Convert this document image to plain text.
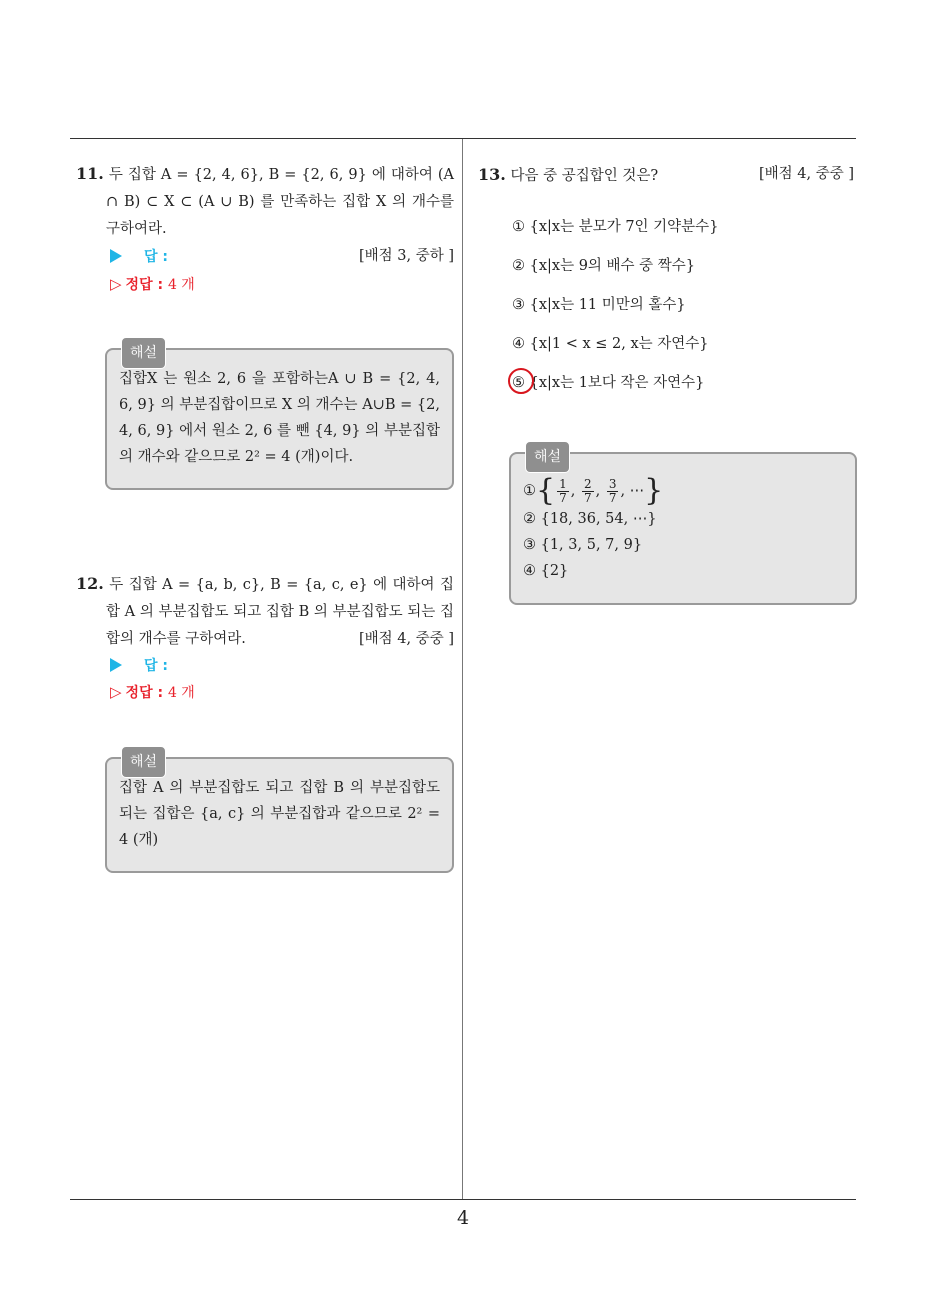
4
11. 두 집합 A = {2, 4, 6}, B = {2, 6, 9} 에 대하여 (A ∩ B) ⊂ X ⊂ (A ∪ B) 를 만족하는 집합 X 의 개수를 구하여라.
[배점 3, 중하 ]
답 :
▷ 정답 : 4 개
해설
집합X 는 원소 2, 6 을 포함하는A ∪ B = {2, 4, 6, 9} 의 부분집합이므로 X 의 개수는 A∪B = {2, 4, 6, 9} 에서 원소 2, 6 를 뺀 {4, 9} 의 부분집합의 개수와 같으므로 2² = 4 (개)이다.
12. 두 집합 A = {a, b, c}, B = {a, c, e} 에 대하여 집합 A 의 부분집합도 되고 집합 B 의 부분집합도 되는 집합의 개수를 구하여라.	[배점 4, 중중 ]
답 :
▷ 정답 : 4 개
해설
집합 A 의 부분집합도 되고 집합 B 의 부분집합도 되는 집합은 {a, c} 의 부분집합과 같으므로 2² = 4 (개)
13. 다음 중 공집합인 것은?	[배점 4, 중중 ]
① {x|x는 분모가 7인 기약분수}
② {x|x는 9의 배수 중 짝수}
③ {x|x는 11 미만의 홀수}
④ {x|1 < x ≤ 2, x는 자연수}
⑤ {x|x는 1보다 작은 자연수}
해설
①{ $\frac{1}{7}$ , $\frac{2}{7}$ , $\frac{3}{7}$ , ⋯}
② {18, 36, 54, ⋯}
③ {1, 3, 5, 7, 9}
④ {2}
